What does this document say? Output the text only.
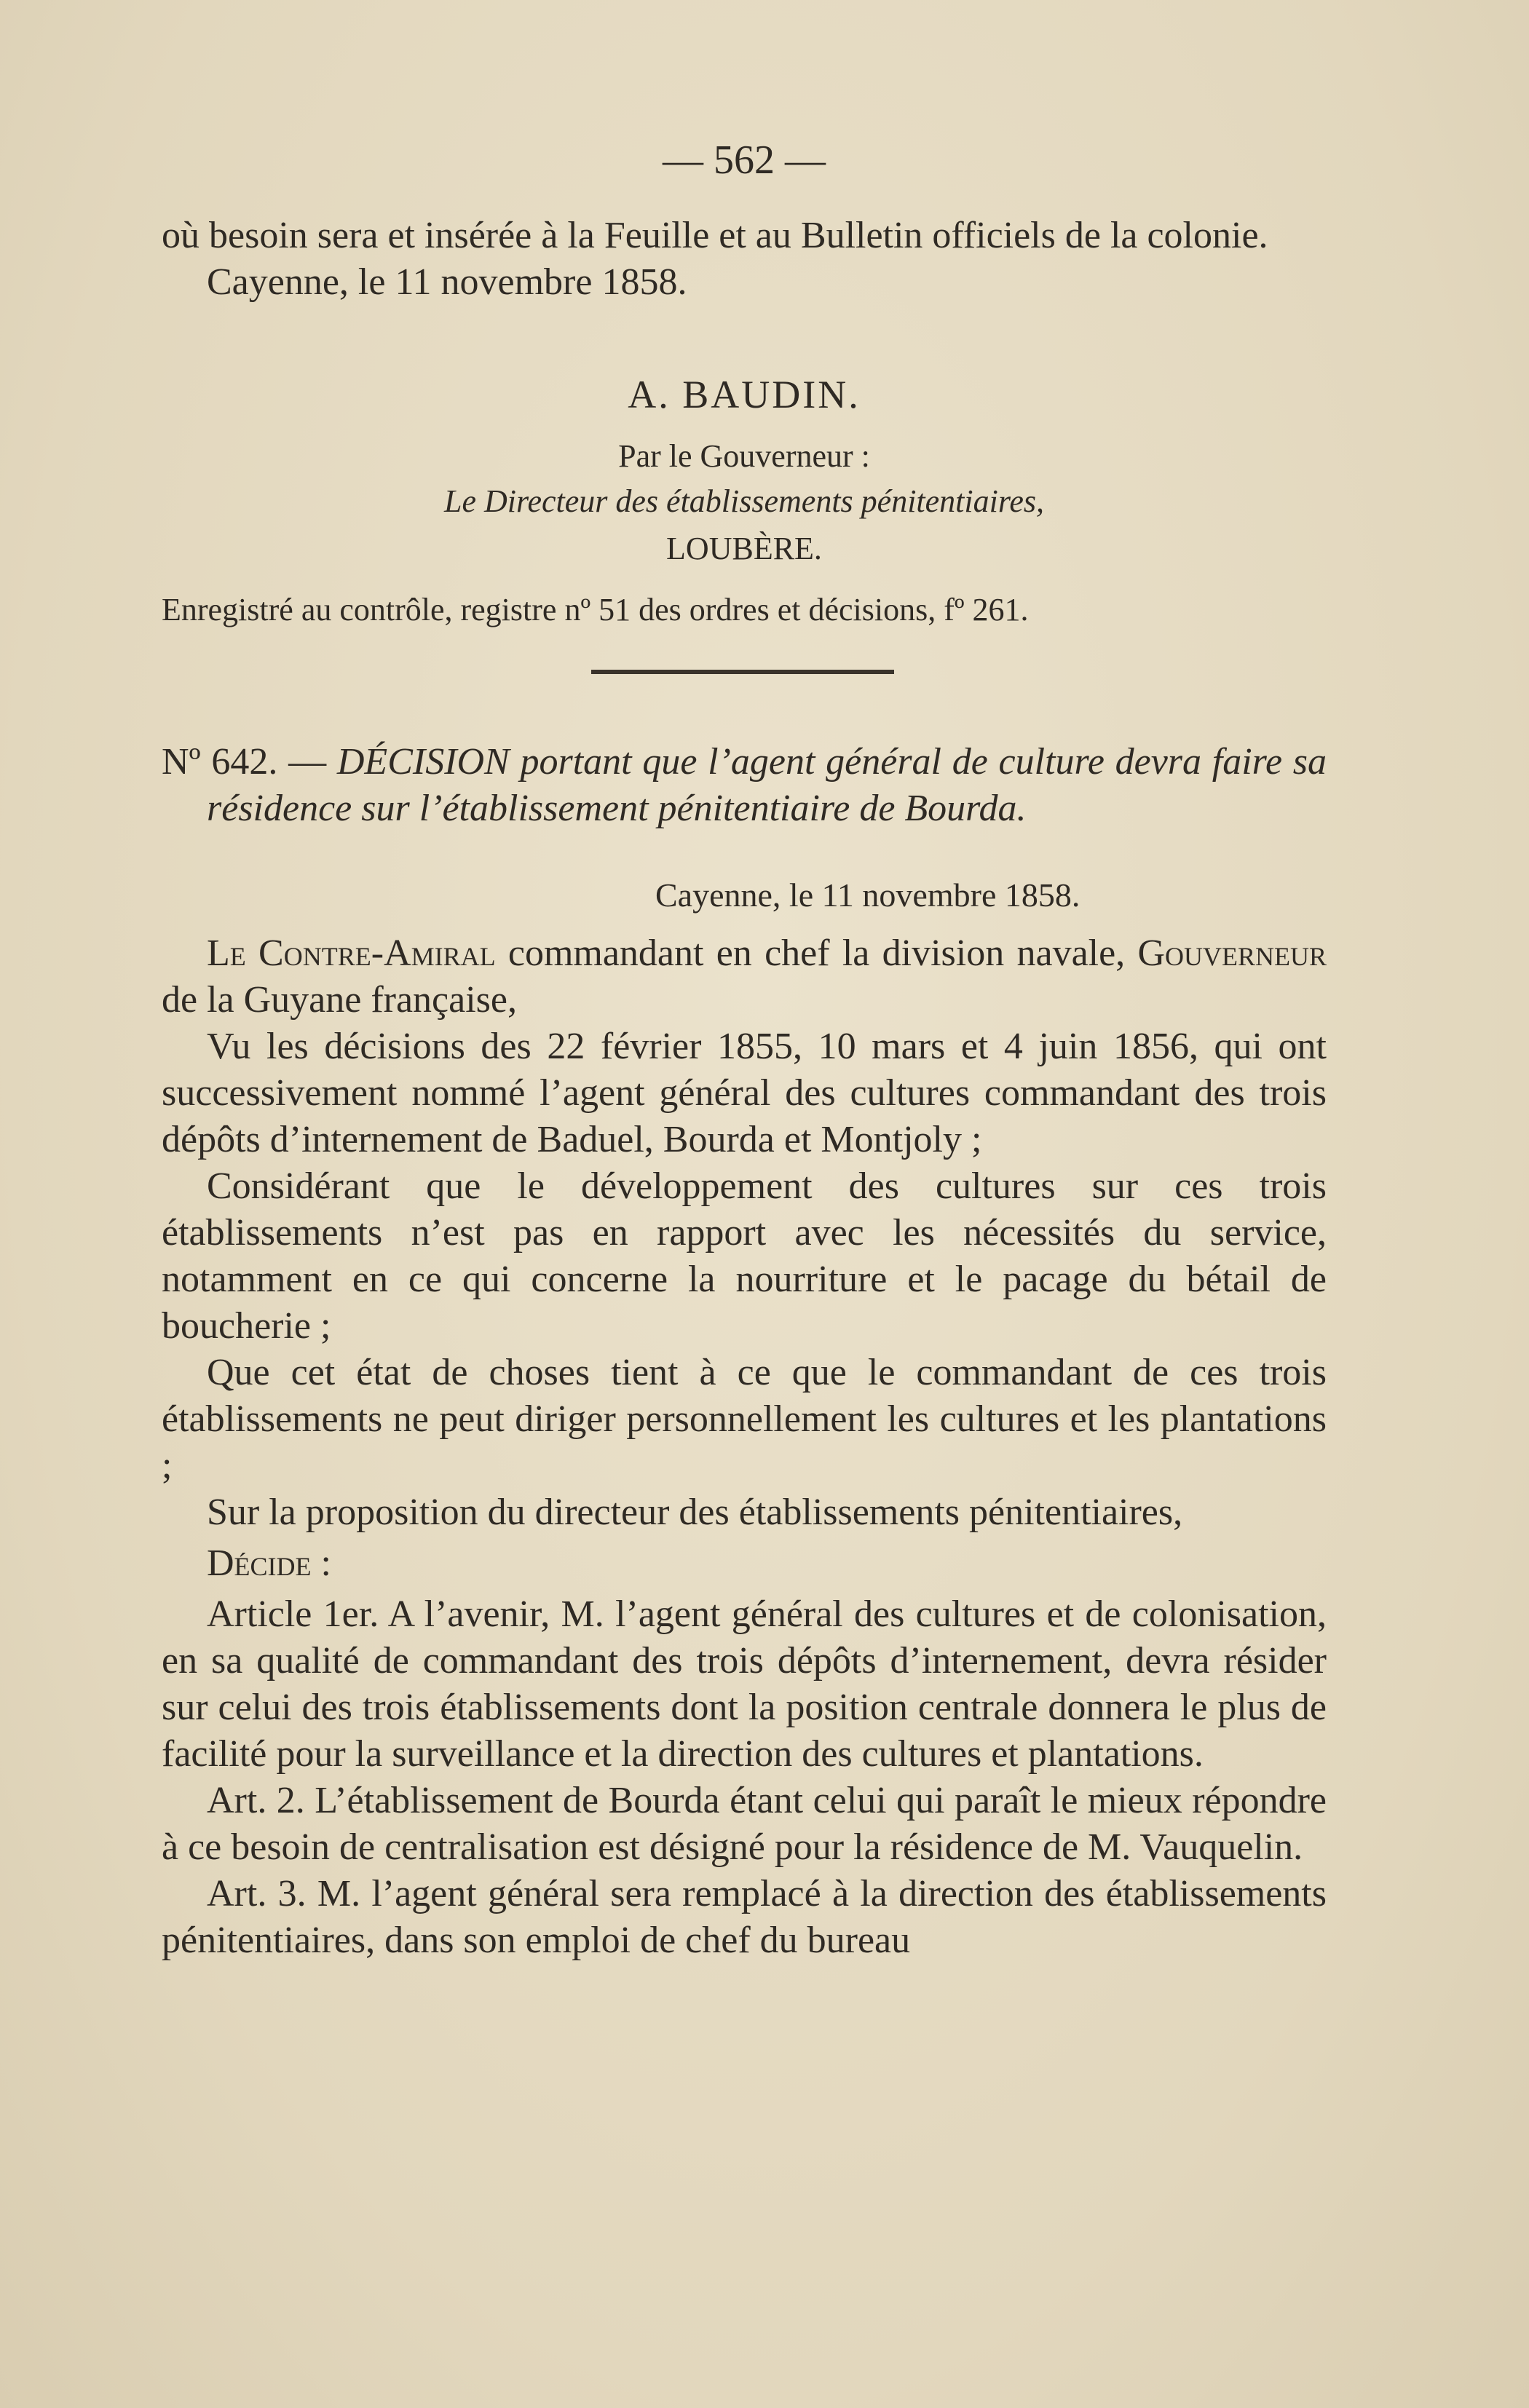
— 562 —

où besoin sera et insérée à la Feuille et au Bulletin officiels de la colonie.

Cayenne, le 11 novembre 1858.

A. BAUDIN.
Par le Gouverneur :
Le Directeur des établissements pénitentiaires,
LOUBÈRE.
Enregistré au contrôle, registre nº 51 des ordres et décisions, fº 261.

Nº 642. — DÉCISION portant que l’agent général de culture devra faire sa résidence sur l’établissement pénitentiaire de Bourda.

Cayenne, le 11 novembre 1858.

Le Contre-Amiral commandant en chef la division navale, Gouverneur de la Guyane française,

Vu les décisions des 22 février 1855, 10 mars et 4 juin 1856, qui ont successivement nommé l’agent général des cultures commandant des trois dépôts d’internement de Baduel, Bourda et Montjoly ;

Considérant que le développement des cultures sur ces trois établissements n’est pas en rapport avec les nécessités du service, notamment en ce qui concerne la nourriture et le pacage du bétail de boucherie ;

Que cet état de choses tient à ce que le commandant de ces trois établissements ne peut diriger personnellement les cultures et les plantations ;

Sur la proposition du directeur des établissements pénitentiaires,

Décide :

Article 1er. A l’avenir, M. l’agent général des cultures et de colonisation, en sa qualité de commandant des trois dépôts d’internement, devra résider sur celui des trois établissements dont la position centrale donnera le plus de facilité pour la surveillance et la direction des cultures et plantations.

Art. 2. L’établissement de Bourda étant celui qui paraît le mieux répondre à ce besoin de centralisation est désigné pour la résidence de M. Vauquelin.

Art. 3. M. l’agent général sera remplacé à la direction des établissements pénitentiaires, dans son emploi de chef du bureau
